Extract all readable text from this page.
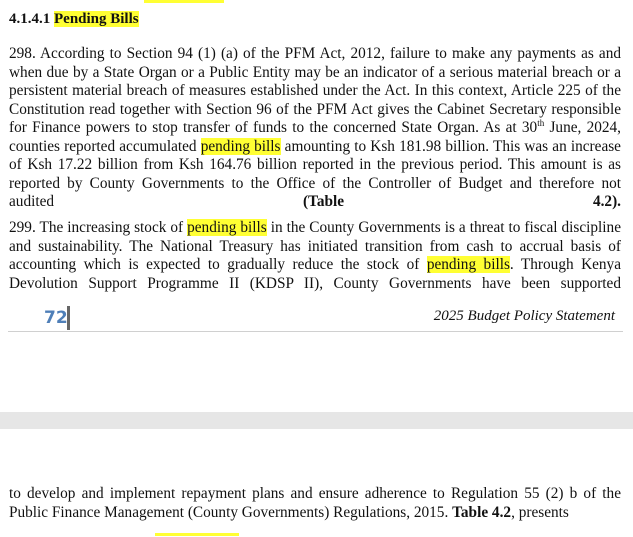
4.1.4.1 Pending Bills
298. According to Section 94 (1) (a) of the PFM Act, 2012, failure to make any payments as and when due by a State Organ or a Public Entity may be an indicator of a serious material breach or a persistent material breach of measures established under the Act. In this context, Article 225 of the Constitution read together with Section 96 of the PFM Act gives the Cabinet Secretary responsible for Finance powers to stop transfer of funds to the concerned State Organ. As at 30th June, 2024, counties reported accumulated pending bills amounting to Ksh 181.98 billion. This was an increase of Ksh 17.22 billion from Ksh 164.76 billion reported in the previous period. This amount is as reported by County Governments to the Office of the Controller of Budget and therefore not audited (Table 4.2).
299. The increasing stock of pending bills in the County Governments is a threat to fiscal discipline and sustainability. The National Treasury has initiated transition from cash to accrual basis of accounting which is expected to gradually reduce the stock of pending bills. Through Kenya Devolution Support Programme II (KDSP II), County Governments have been supported
72	2025 Budget Policy Statement
to develop and implement repayment plans and ensure adherence to Regulation 55 (2) b of the Public Finance Management (County Governments) Regulations, 2015. Table 4.2, presents
